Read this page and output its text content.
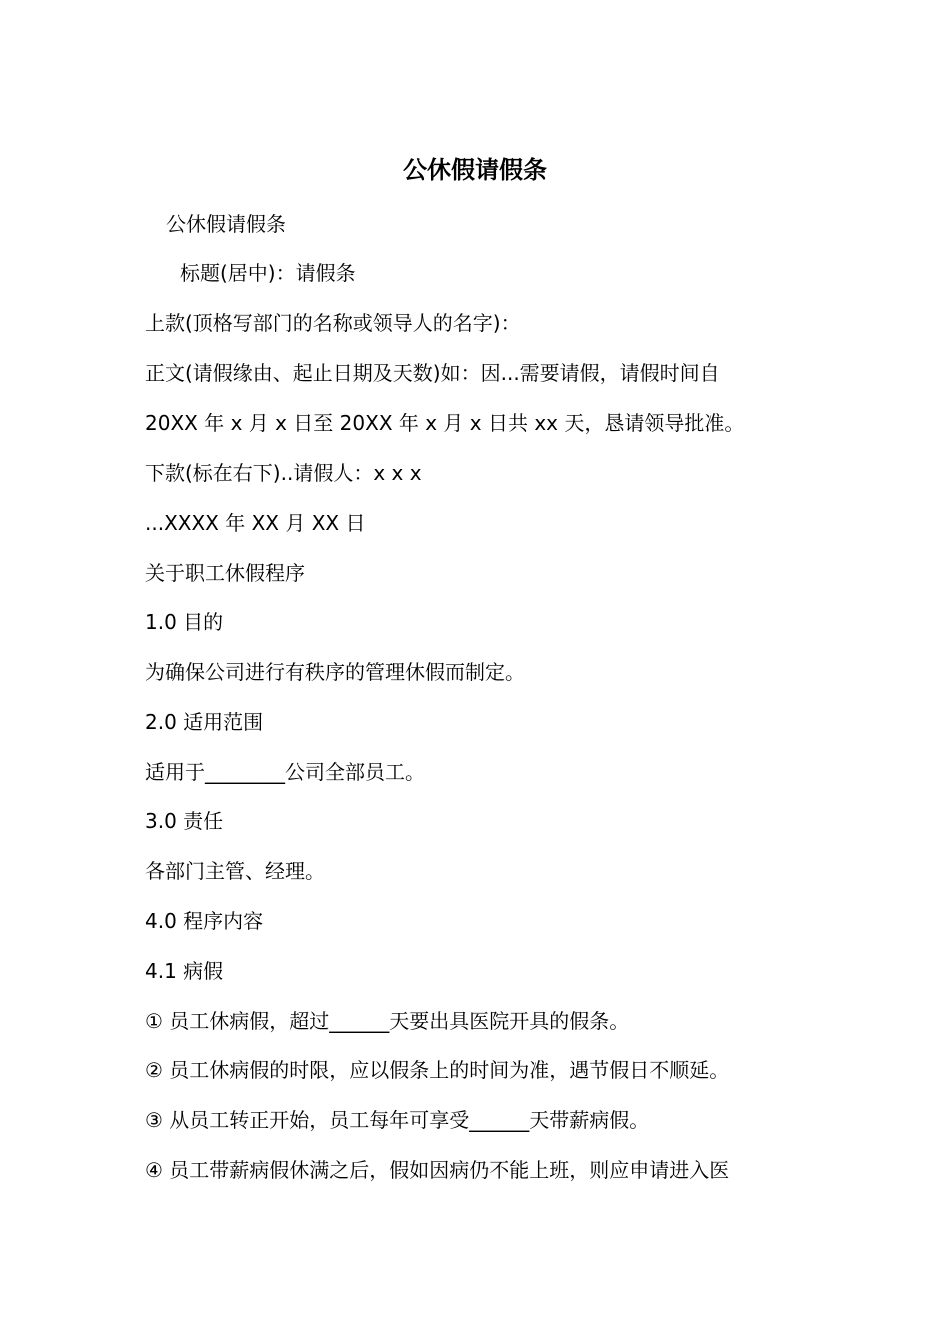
公休假请假条
公休假请假条
标题(居中)：请假条
上款(顶格写部门的名称或领导人的名字)：
正文(请假缘由、起止日期及天数)如：因...需要请假，请假时间自
20XX 年 x 月 x 日至 20XX 年 x 月 x 日共 xx 天，恳请领导批准。
下款(标在右下)..请假人：x x x
...XXXX 年 XX 月 XX 日
关于职工休假程序
1.0 目的
为确保公司进行有秩序的管理休假而制定。
2.0 适用范围
适用于________公司全部员工。
3.0 责任
各部门主管、经理。
4.0 程序内容
4.1 病假
① 员工休病假，超过______天要出具医院开具的假条。
② 员工休病假的时限，应以假条上的时间为准，遇节假日不顺延。
③ 从员工转正开始，员工每年可享受______天带薪病假。
④ 员工带薪病假休满之后，假如因病仍不能上班，则应申请进入医
